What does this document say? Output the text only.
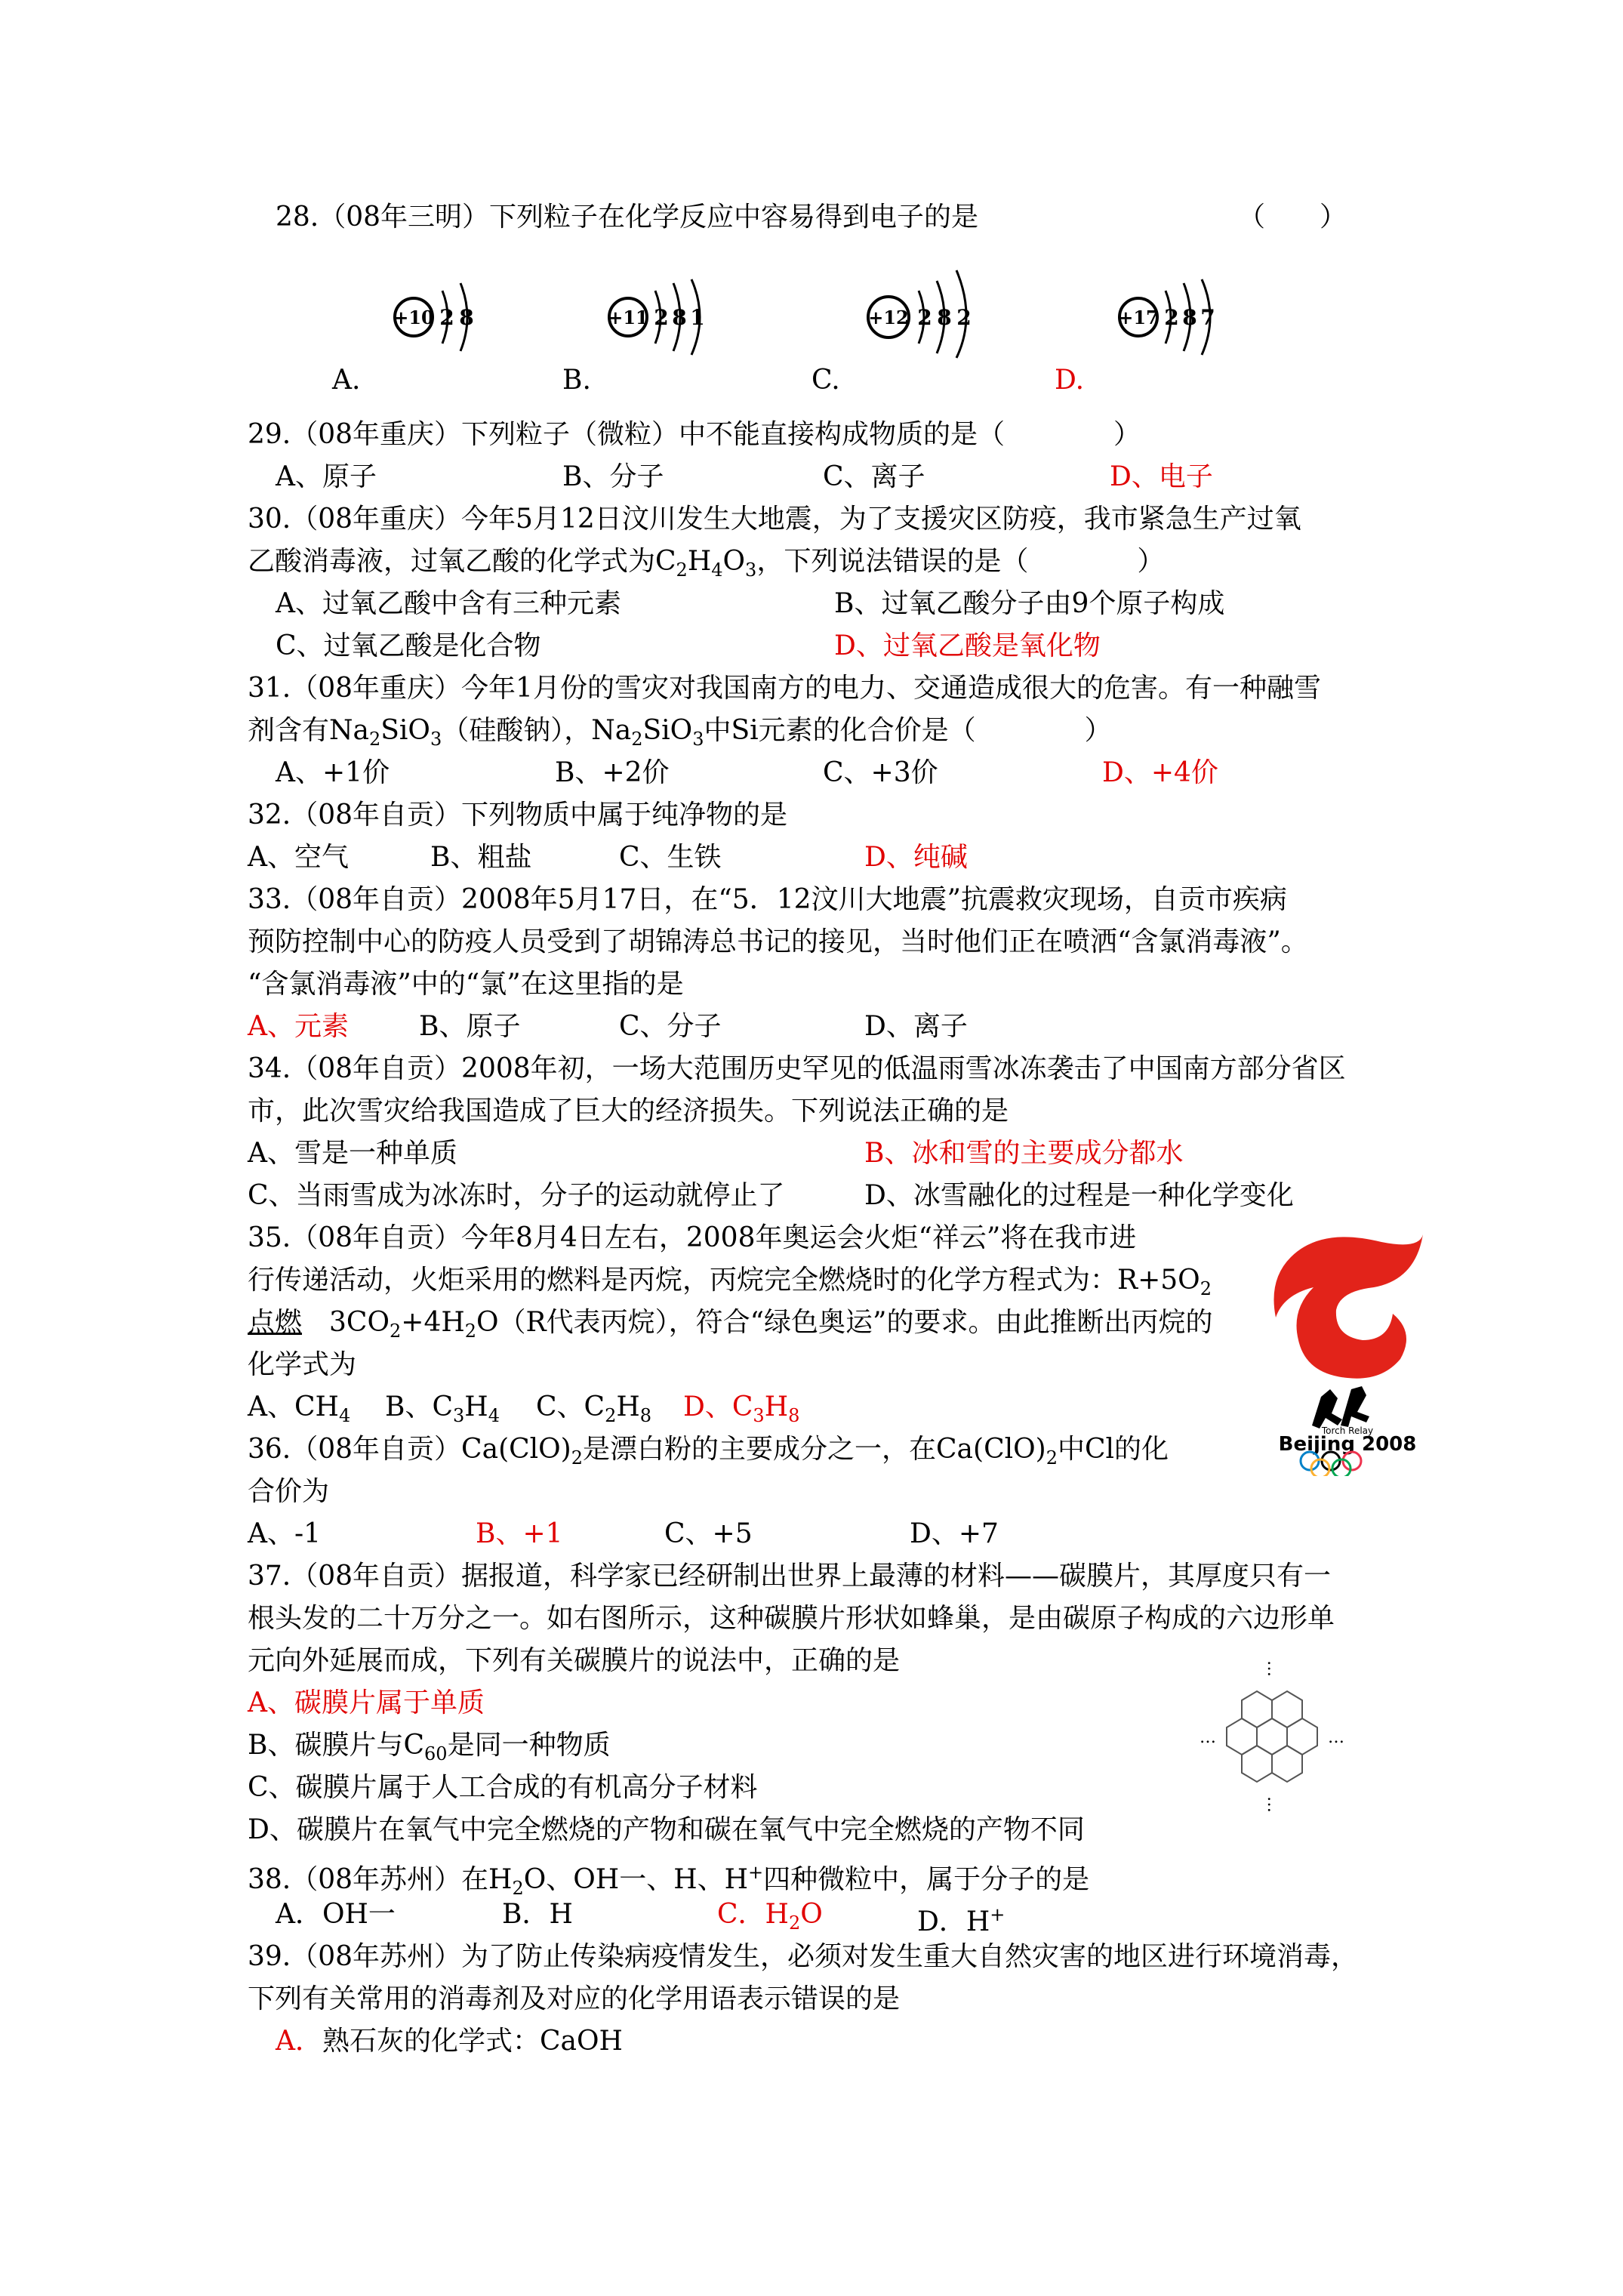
28.（08年三明）下列粒子在化学反应中容易得到电子的是	（　　）
+10 2 8
A.
+11 2 8 1
B.
+12 2 8 2
C.
+17 2 8 7
D.
29.（08年重庆）下列粒子（微粒）中不能直接构成物质的是（　　　　）
A、原子	B、分子	C、离子	D、电子
30.（08年重庆）今年5月12日汶川发生大地震，为了支援灾区防疫，我市紧急生产过氧
乙酸消毒液，过氧乙酸的化学式为$C_2H_4O_3$，下列说法错误的是（　　　　）
A、过氧乙酸中含有三种元素	B、过氧乙酸分子由9个原子构成
C、过氧乙酸是化合物	D、过氧乙酸是氧化物
31.（08年重庆）今年1月份的雪灾对我国南方的电力、交通造成很大的危害。有一种融雪
剂含有$Na_2SiO_3$（硅酸钠），$Na_2SiO_3$中Si元素的化合价是（　　　　）
A、+1价	B、+2价	C、+3价	D、+4价
32.（08年自贡）下列物质中属于纯净物的是
A、空气	B、粗盐	C、生铁	D、纯碱
33.（08年自贡）2008年5月17日，在“5．12汶川大地震”抗震救灾现场，自贡市疾病
预防控制中心的防疫人员受到了胡锦涛总书记的接见，当时他们正在喷洒“含氯消毒液”。
“含氯消毒液”中的“氯”在这里指的是
A、元素	B、原子	C、分子	D、离子
34.（08年自贡）2008年初，一场大范围历史罕见的低温雨雪冰冻袭击了中国南方部分省区
市，此次雪灾给我国造成了巨大的经济损失。下列说法正确的是
A、雪是一种单质	B、冰和雪的主要成分都水
C、当雨雪成为冰冻时，分子的运动就停止了	D、冰雪融化的过程是一种化学变化
35.（08年自贡）今年8月4日左右，2008年奥运会火炬“祥云”将在我市进
行传递活动，火炬采用的燃料是丙烷，丙烷完全燃烧时的化学方程式为：$R+5O_2$
点燃　 $3CO_2+4H_2O(R$代表丙烷），符合“绿色奥运”的要求。由此推断出丙烷的
化学式为
A、$CH_4$ B、$C_3H_4$ C、$C_2H_8$ D、$C_3H_8$
Torch Relay
Beijing 2008
36.（08年自贡）$Ca(ClO)_2$是漂白粉的主要成分之一，在$Ca(ClO)_2$中Cl的化
合价为
A、-1	B、+1	C、+5	D、+7
37.（08年自贡）据报道，科学家已经研制出世界上最薄的材料——碳膜片，其厚度只有一
根头发的二十万分之一。如右图所示，这种碳膜片形状如蜂巢，是由碳原子构成的六边形单
元向外延展而成，下列有关碳膜片的说法中，正确的是
A、碳膜片属于单质
B、碳膜片与$C_{60}$是同一种物质
C、碳膜片属于人工合成的有机高分子材料
D、碳膜片在氧气中完全燃烧的产物和碳在氧气中完全燃烧的产物不同
…
…
…	…
38.（08年苏州）在$H_2O$、OH一、H、H+四种微粒中，属于分子的是
A．OH一	B．H	C．$H_2O$	D．H+
39.（08年苏州）为了防止传染病疫情发生，必须对发生重大自然灾害的地区进行环境消毒，
下列有关常用的消毒剂及对应的化学用语表示错误的是
A．熟石灰的化学式：CaOH
